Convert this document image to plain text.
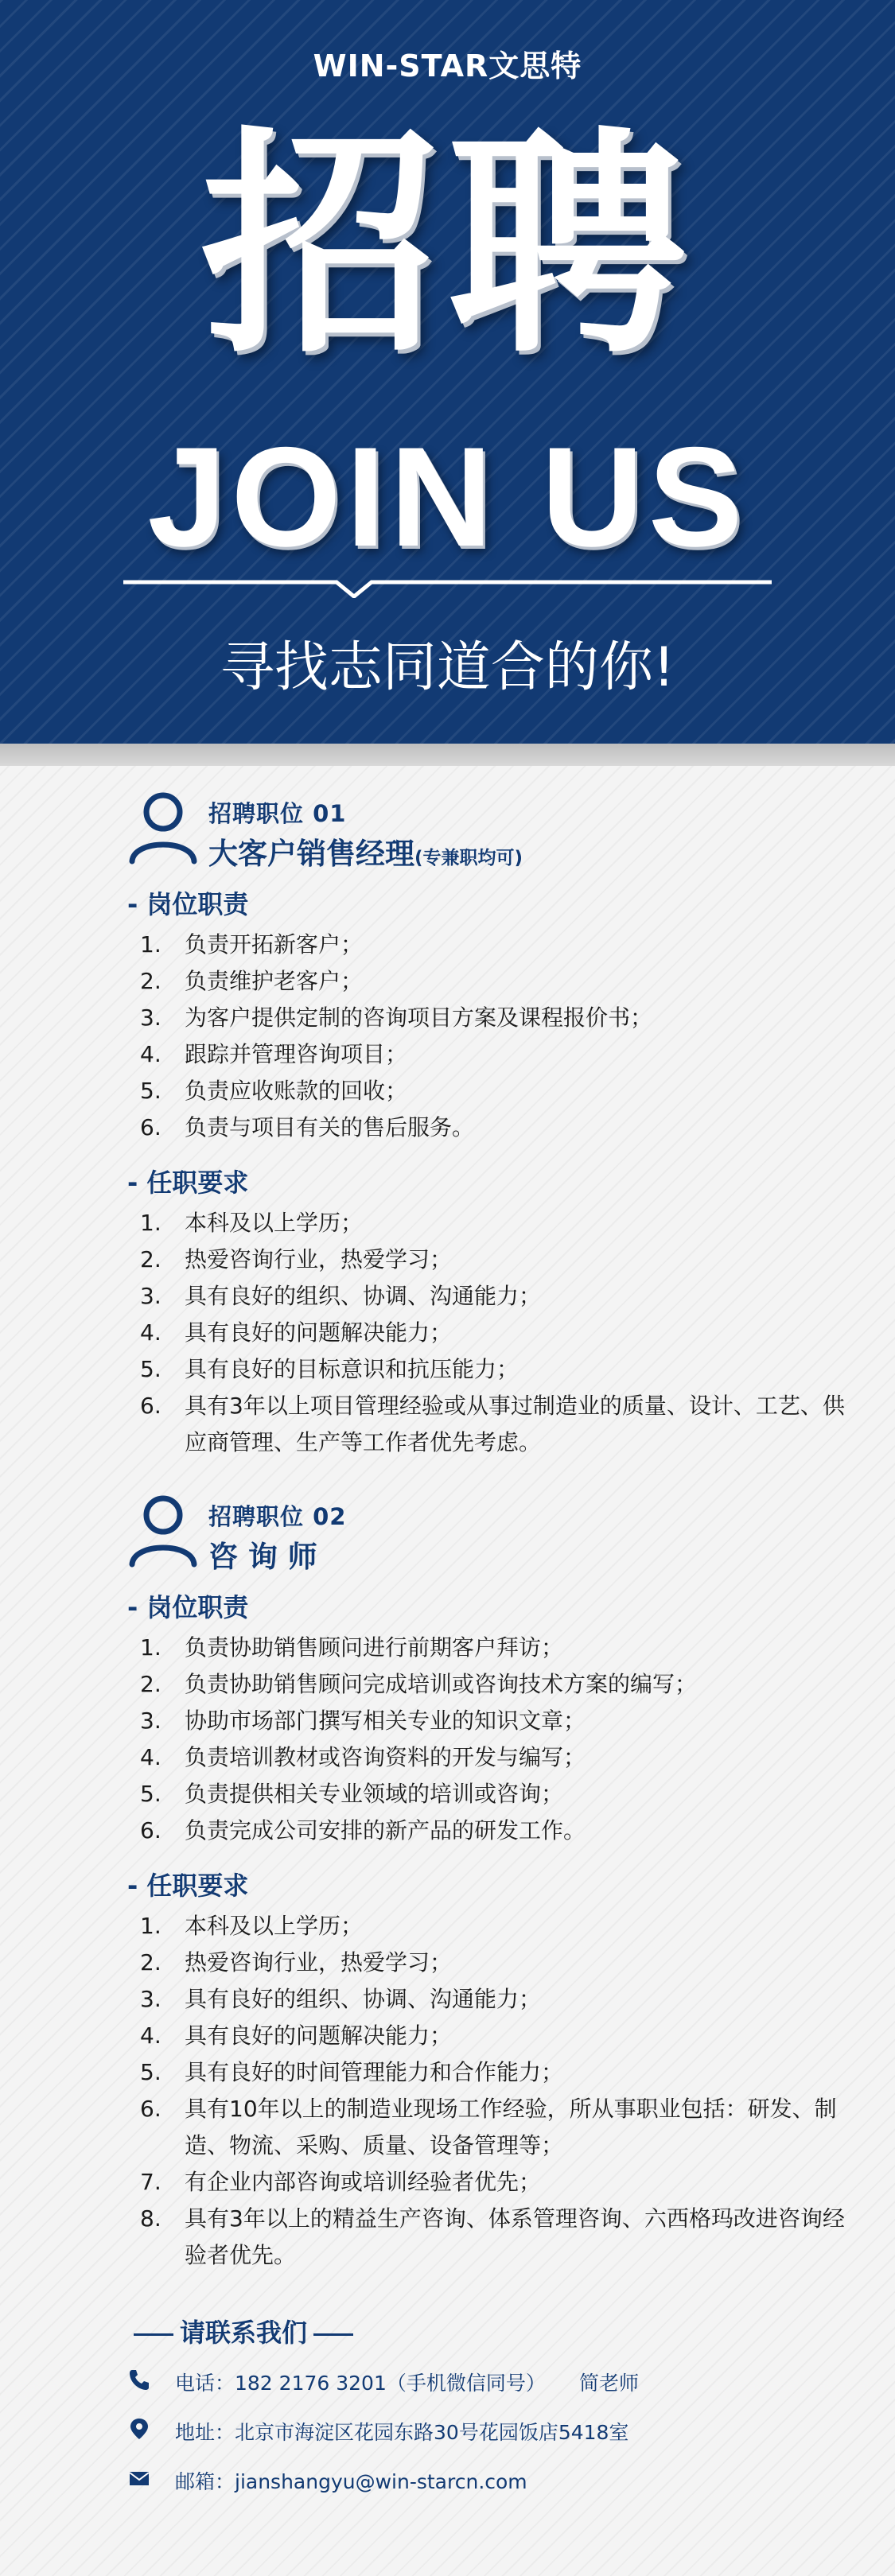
WIN-STAR文思特
招聘
JOIN US
寻找志同道合的你!
招聘职位 01
大客户销售经理(专兼职均可)
- 岗位职责
1. 负责开拓新客户；
2. 负责维护老客户；
3. 为客户提供定制的咨询项目方案及课程报价书；
4. 跟踪并管理咨询项目；
5. 负责应收账款的回收；
6. 负责与项目有关的售后服务。
- 任职要求
1. 本科及以上学历；
2. 热爱咨询行业，热爱学习；
3. 具有良好的组织、协调、沟通能力；
4. 具有良好的问题解决能力；
5. 具有良好的目标意识和抗压能力；
6. 具有3年以上项目管理经验或从事过制造业的质量、设计、工艺、供应商管理、生产等工作者优先考虑。
招聘职位 02
咨 询 师
- 岗位职责
1. 负责协助销售顾问进行前期客户拜访；
2. 负责协助销售顾问完成培训或咨询技术方案的编写；
3. 协助市场部门撰写相关专业的知识文章；
4. 负责培训教材或咨询资料的开发与编写；
5. 负责提供相关专业领域的培训或咨询；
6. 负责完成公司安排的新产品的研发工作。
- 任职要求
1. 本科及以上学历；
2. 热爱咨询行业，热爱学习；
3. 具有良好的组织、协调、沟通能力；
4. 具有良好的问题解决能力；
5. 具有良好的时间管理能力和合作能力；
6. 具有10年以上的制造业现场工作经验，所从事职业包括：研发、制造、物流、采购、质量、设备管理等；
7. 有企业内部咨询或培训经验者优先；
8. 具有3年以上的精益生产咨询、体系管理咨询、六西格玛改进咨询经验者优先。
请联系我们
电话：182 2176 3201（手机微信同号） 简老师
地址：北京市海淀区花园东路30号花园饭店5418室
邮箱：jianshangyu@win-starcn.com
